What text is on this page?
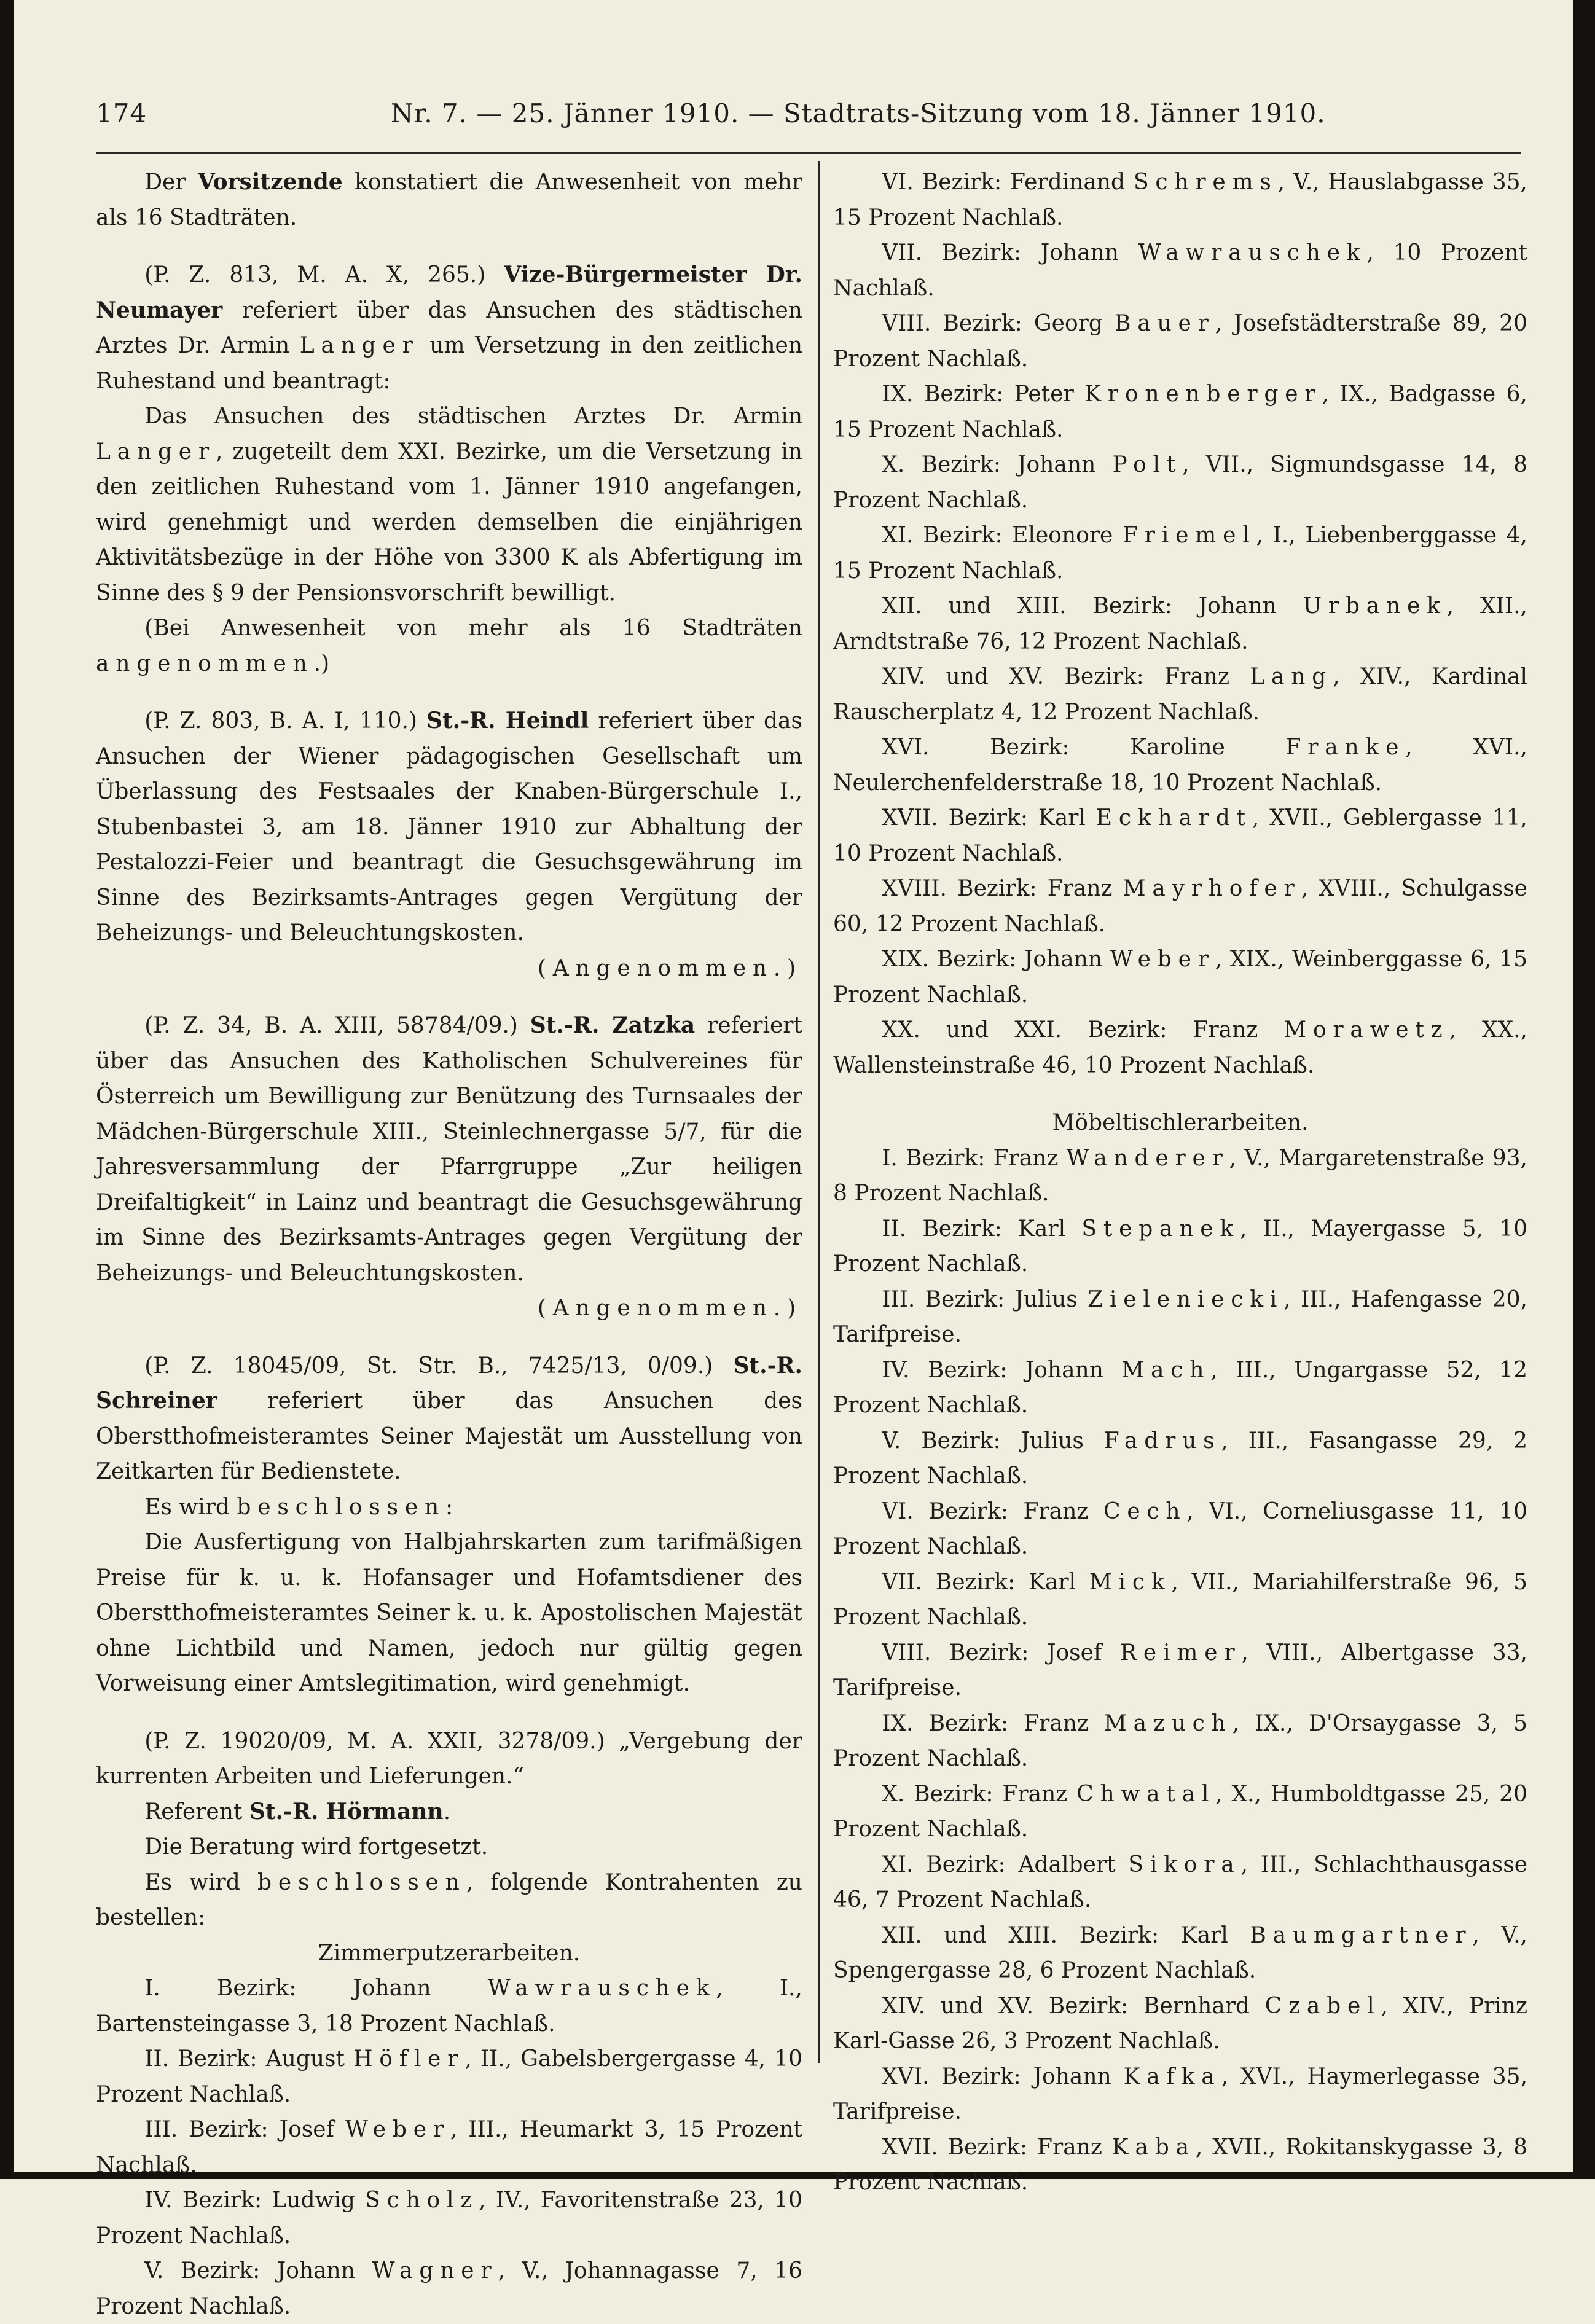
174	Nr. 7. — 25. Jänner 1910. — Stadtrats-Sitzung vom 18. Jänner 1910.

Der Vorsitzende konstatiert die Anwesenheit von mehr als 16 Stadträten.

(P. Z. 813, M. A. X, 265.) Vize-Bürgermeister Dr. Neumayer referiert über das Ansuchen des städtischen Arztes Dr. Armin Langer um Versetzung in den zeitlichen Ruhestand und beantragt:

Das Ansuchen des städtischen Arztes Dr. Armin Langer, zugeteilt dem XXI. Bezirke, um die Versetzung in den zeitlichen Ruhestand vom 1. Jänner 1910 angefangen, wird genehmigt und werden demselben die einjährigen Aktivitätsbezüge in der Höhe von 3300 K als Abfertigung im Sinne des § 9 der Pensionsvorschrift bewilligt.

(Bei Anwesenheit von mehr als 16 Stadträten angenommen.)

(P. Z. 803, B. A. I, 110.) St.-R. Heindl referiert über das Ansuchen der Wiener pädagogischen Gesellschaft um Überlassung des Festsaales der Knaben-Bürgerschule I., Stubenbastei 3, am 18. Jänner 1910 zur Abhaltung der Pestalozzi-Feier und beantragt die Gesuchsgewährung im Sinne des Bezirksamts-Antrages gegen Vergütung der Beheizungs- und Beleuchtungskosten.

(Angenommen.)

(P. Z. 34, B. A. XIII, 58784/09.) St.-R. Zatzka referiert über das Ansuchen des Katholischen Schulvereines für Österreich um Bewilligung zur Benützung des Turnsaales der Mädchen-Bürgerschule XIII., Steinlechnergasse 5/7, für die Jahresversammlung der Pfarrgruppe „Zur heiligen Dreifaltigkeit“ in Lainz und beantragt die Gesuchsgewährung im Sinne des Bezirksamts-Antrages gegen Vergütung der Beheizungs- und Beleuchtungskosten.

(Angenommen.)

(P. Z. 18045/09, St. Str. B., 7425/13, 0/09.) St.-R. Schreiner referiert über das Ansuchen des Oberstthofmeisteramtes Seiner Majestät um Ausstellung von Zeitkarten für Bedienstete.

Es wird beschlossen:

Die Ausfertigung von Halbjahrskarten zum tarifmäßigen Preise für k. u. k. Hofansager und Hofamtsdiener des Oberstthofmeisteramtes Seiner k. u. k. Apostolischen Majestät ohne Lichtbild und Namen, jedoch nur gültig gegen Vorweisung einer Amtslegitimation, wird genehmigt.

(P. Z. 19020/09, M. A. XXII, 3278/09.) „Vergebung der kurrenten Arbeiten und Lieferungen.“

Referent St.-R. Hörmann.

Die Beratung wird fortgesetzt.

Es wird beschlossen, folgende Kontrahenten zu bestellen:

Zimmerputzerarbeiten.

I. Bezirk: Johann Wawrauschek, I., Bartensteingasse 3, 18 Prozent Nachlaß.

II. Bezirk: August Höfler, II., Gabelsbergergasse 4, 10 Prozent Nachlaß.

III. Bezirk: Josef Weber, III., Heumarkt 3, 15 Prozent Nachlaß.

IV. Bezirk: Ludwig Scholz, IV., Favoritenstraße 23, 10 Prozent Nachlaß.

V. Bezirk: Johann Wagner, V., Johannagasse 7, 16 Prozent Nachlaß.

VI. Bezirk: Ferdinand Schrems, V., Hauslabgasse 35, 15 Prozent Nachlaß.

VII. Bezirk: Johann Wawrauschek, 10 Prozent Nachlaß.

VIII. Bezirk: Georg Bauer, Josefstädterstraße 89, 20 Prozent Nachlaß.

IX. Bezirk: Peter Kronenberger, IX., Badgasse 6, 15 Prozent Nachlaß.

X. Bezirk: Johann Polt, VII., Sigmundsgasse 14, 8 Prozent Nachlaß.

XI. Bezirk: Eleonore Friemel, I., Liebenberggasse 4, 15 Prozent Nachlaß.

XII. und XIII. Bezirk: Johann Urbanek, XII., Arndtstraße 76, 12 Prozent Nachlaß.

XIV. und XV. Bezirk: Franz Lang, XIV., Kardinal Rauscherplatz 4, 12 Prozent Nachlaß.

XVI. Bezirk: Karoline Franke, XVI., Neulerchenfelderstraße 18, 10 Prozent Nachlaß.

XVII. Bezirk: Karl Eckhardt, XVII., Geblergasse 11, 10 Prozent Nachlaß.

XVIII. Bezirk: Franz Mayrhofer, XVIII., Schulgasse 60, 12 Prozent Nachlaß.

XIX. Bezirk: Johann Weber, XIX., Weinberggasse 6, 15 Prozent Nachlaß.

XX. und XXI. Bezirk: Franz Morawetz, XX., Wallensteinstraße 46, 10 Prozent Nachlaß.

Möbeltischlerarbeiten.

I. Bezirk: Franz Wanderer, V., Margaretenstraße 93, 8 Prozent Nachlaß.

II. Bezirk: Karl Stepanek, II., Mayergasse 5, 10 Prozent Nachlaß.

III. Bezirk: Julius Zieleniecki, III., Hafengasse 20, Tarifpreise.

IV. Bezirk: Johann Mach, III., Ungargasse 52, 12 Prozent Nachlaß.

V. Bezirk: Julius Fadrus, III., Fasangasse 29, 2 Prozent Nachlaß.

VI. Bezirk: Franz Cech, VI., Corneliusgasse 11, 10 Prozent Nachlaß.

VII. Bezirk: Karl Mick, VII., Mariahilferstraße 96, 5 Prozent Nachlaß.

VIII. Bezirk: Josef Reimer, VIII., Albertgasse 33, Tarifpreise.

IX. Bezirk: Franz Mazuch, IX., D'Orsaygasse 3, 5 Prozent Nachlaß.

X. Bezirk: Franz Chwatal, X., Humboldtgasse 25, 20 Prozent Nachlaß.

XI. Bezirk: Adalbert Sikora, III., Schlachthausgasse 46, 7 Prozent Nachlaß.

XII. und XIII. Bezirk: Karl Baumgartner, V., Spengergasse 28, 6 Prozent Nachlaß.

XIV. und XV. Bezirk: Bernhard Czabel, XIV., Prinz Karl-Gasse 26, 3 Prozent Nachlaß.

XVI. Bezirk: Johann Kafka, XVI., Haymerlegasse 35, Tarifpreise.

XVII. Bezirk: Franz Kaba, XVII., Rokitanskygasse 3, 8 Prozent Nachlaß.
